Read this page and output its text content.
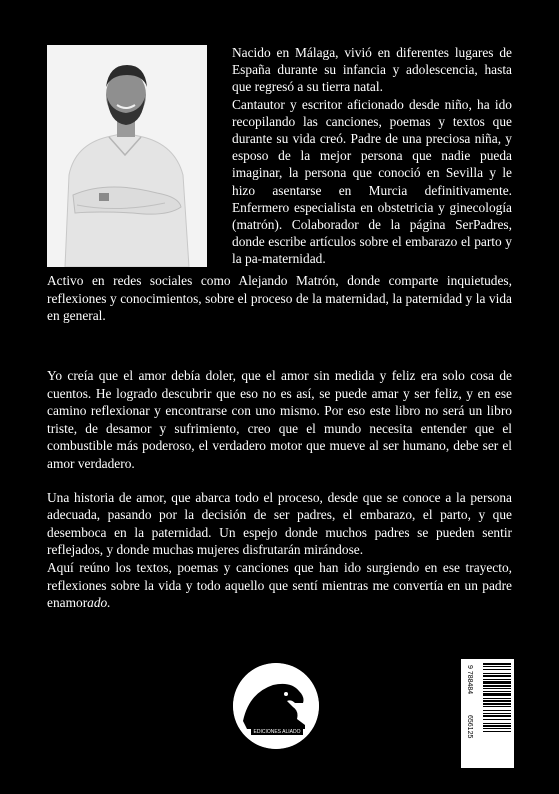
Nacido en Málaga, vivió en diferentes lugares de España durante su infancia y adolescencia, hasta que regresó a su tierra natal.

Cantautor y escritor aficionado desde niño, ha ido recopilando las canciones, poemas y textos que durante su vida creó. Padre de una preciosa niña, y esposo de la mejor persona que nadie pueda imaginar, la persona que conoció en Sevilla y le hizo asentarse en Murcia definitivamente. Enfermero especialista en obstetricia y ginecología (matrón). Colaborador de la página SerPadres, donde escribe artículos sobre el embarazo el parto y la pa-maternidad.

Activo en redes sociales como Alejando Matrón, donde comparte inquietudes, reflexiones y conocimientos, sobre el proceso de la maternidad, la paternidad y la vida en general.

Yo creía que el amor debía doler, que el amor sin medida y feliz era solo cosa de cuentos. He logrado descubrir que eso no es así, se puede amar y ser feliz, y en ese camino reflexionar y encontrarse con uno mismo. Por eso este libro no será un libro triste, de desamor y sufrimiento, creo que el mundo necesita entender que el combustible más poderoso, el verdadero motor que mueve al ser humano, debe ser el amor verdadero.

Una historia de amor, que abarca todo el proceso, desde que se conoce a la persona adecuada, pasando por la decisión de ser padres, el embarazo, el parto, y que desemboca en la paternidad. Un espejo donde muchos padres se pueden sentir reflejados, y donde muchas mujeres disfrutarán mirándose.

Aquí reúno los textos, poemas y canciones que han ido surgiendo en ese trayecto, reflexiones sobre la vida y todo aquello que sentí mientras me convertía en un padre enamorado.

EDICIONES ALIADO
9 788484
656125
